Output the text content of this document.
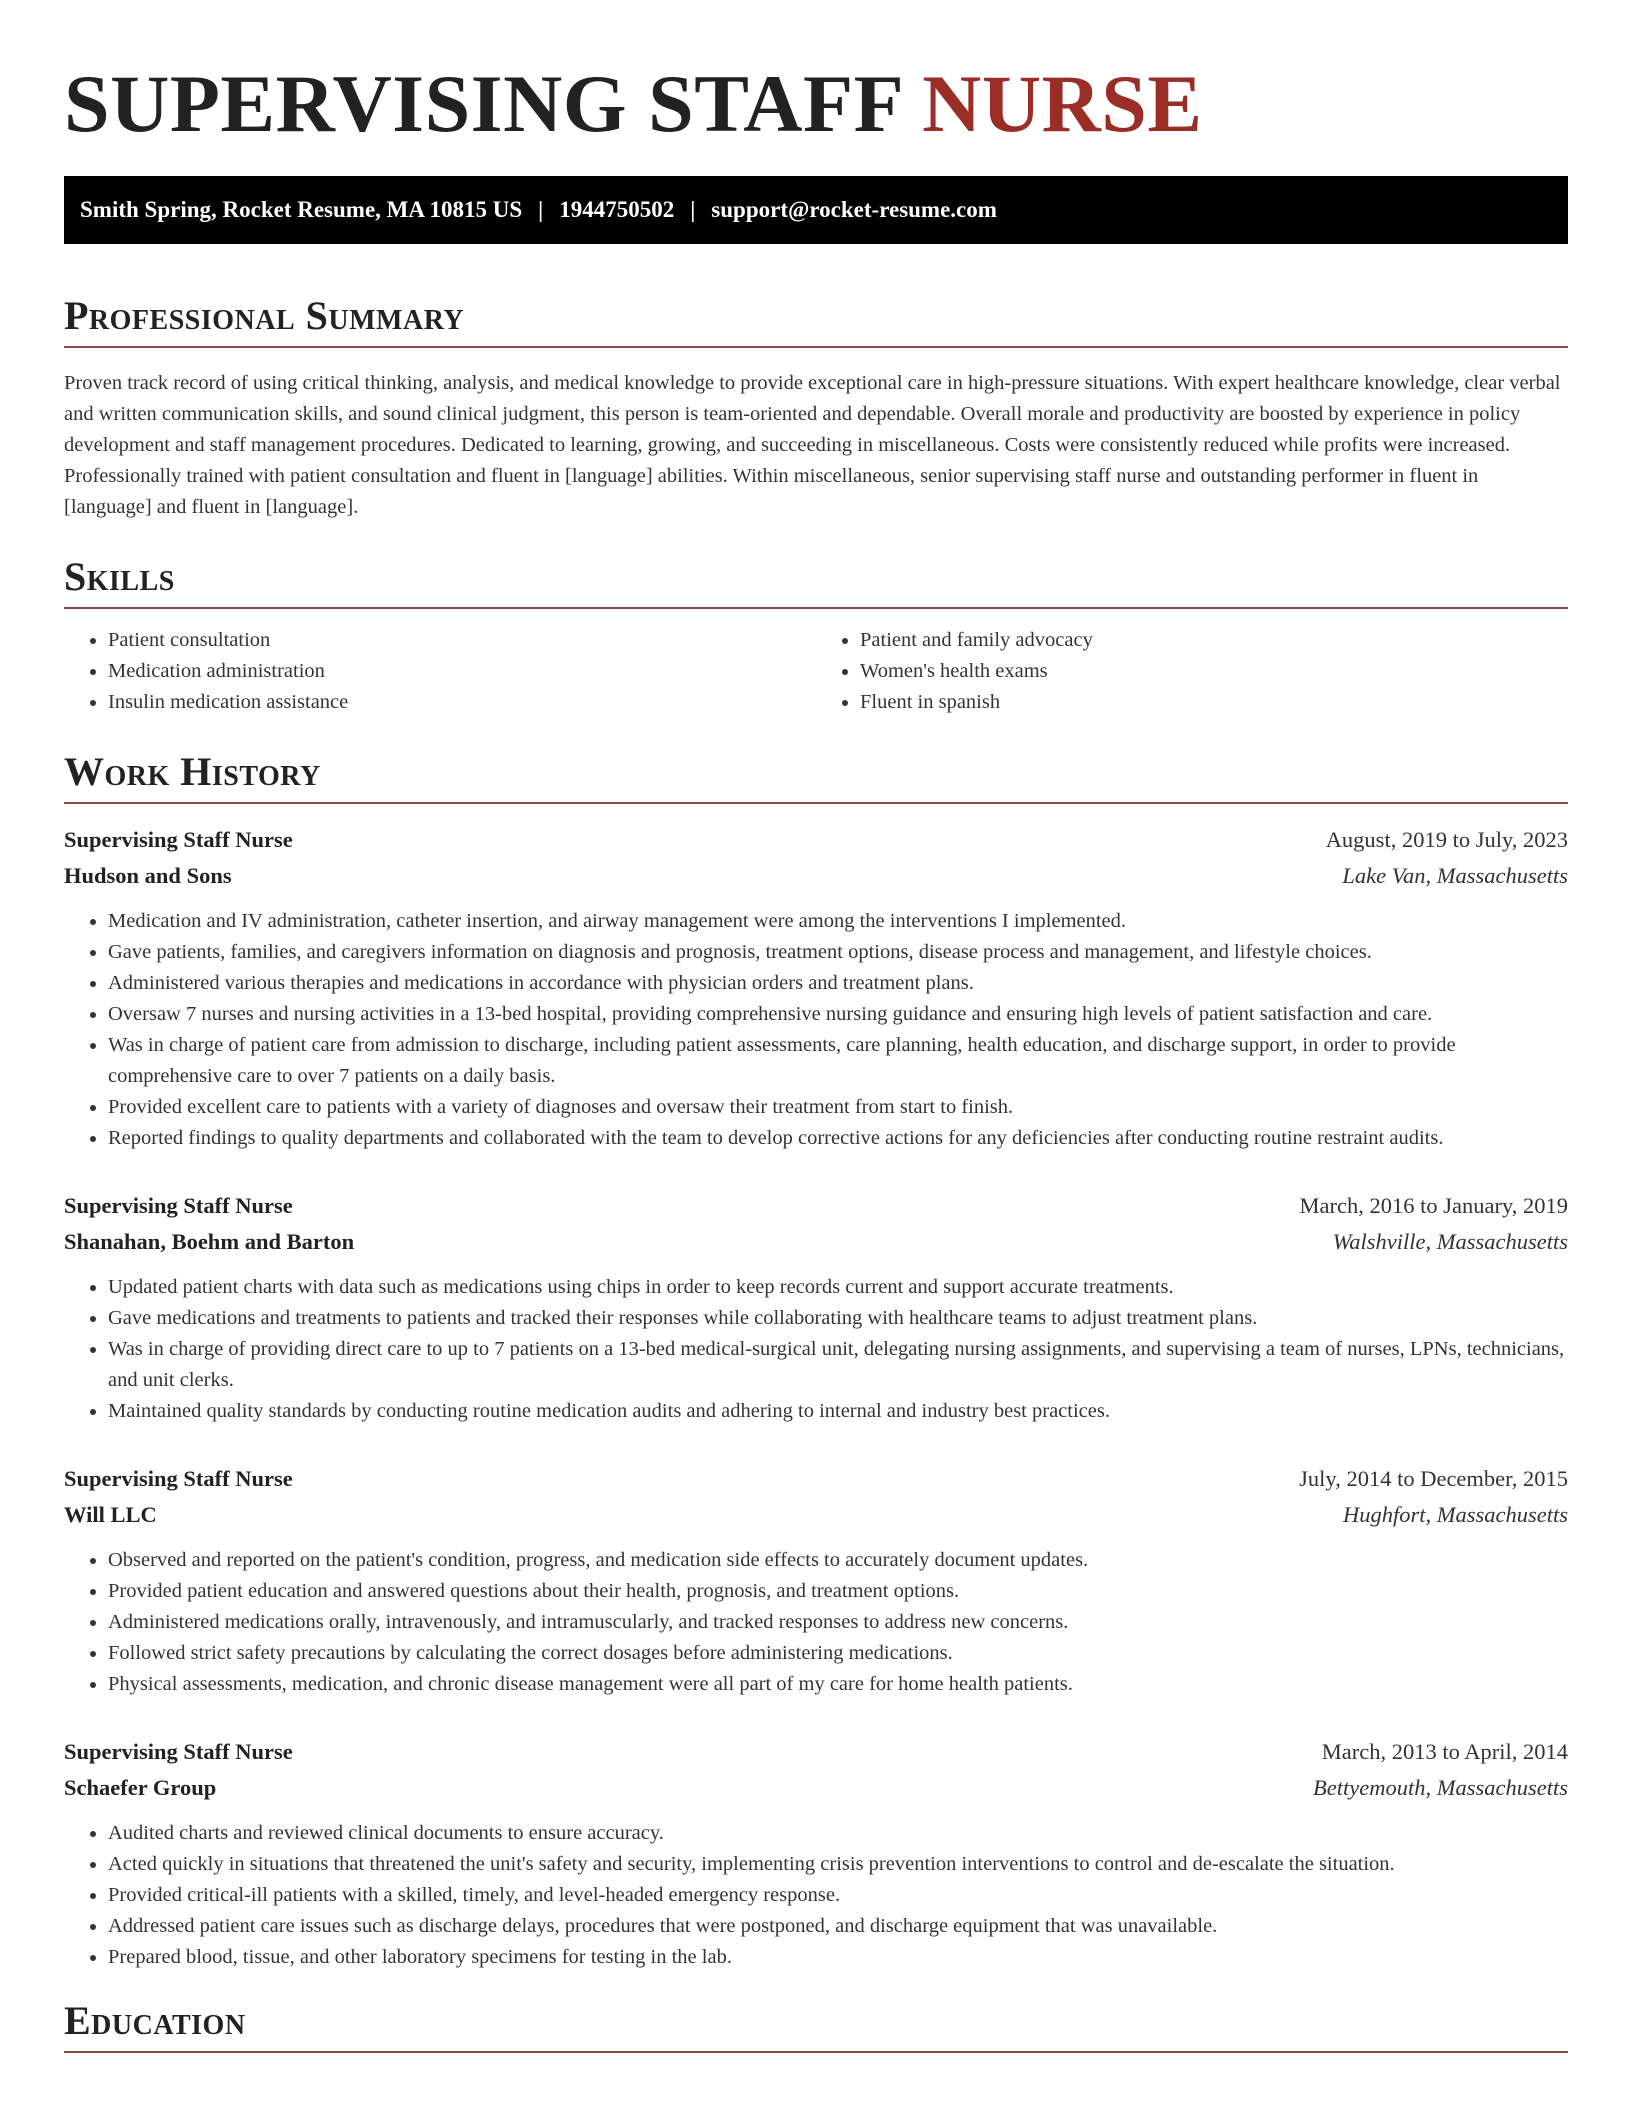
SUPERVISING STAFF NURSE
Smith Spring, Rocket Resume, MA 10815 US | 1944750502 | support@rocket-resume.com
Professional Summary

Proven track record of using critical thinking, analysis, and medical knowledge to provide exceptional care in high-pressure situations. With expert healthcare knowledge, clear verbal and written communication skills, and sound clinical judgment, this person is team-oriented and dependable. Overall morale and productivity are boosted by experience in policy development and staff management procedures. Dedicated to learning, growing, and succeeding in miscellaneous. Costs were consistently reduced while profits were increased. Professionally trained with patient consultation and fluent in [language] abilities. Within miscellaneous, senior supervising staff nurse and outstanding performer in fluent in [language] and fluent in [language].

Skills
• Patient consultation
• Medication administration
• Insulin medication assistance
• Patient and family advocacy
• Women's health exams
• Fluent in spanish
Work History
Supervising Staff Nurse	August, 2019 to July, 2023
Hudson and Sons	Lake Van, Massachusetts
• Medication and IV administration, catheter insertion, and airway management were among the interventions I implemented.
• Gave patients, families, and caregivers information on diagnosis and prognosis, treatment options, disease process and management, and lifestyle choices.
• Administered various therapies and medications in accordance with physician orders and treatment plans.
• Oversaw 7 nurses and nursing activities in a 13-bed hospital, providing comprehensive nursing guidance and ensuring high levels of patient satisfaction and care.
• Was in charge of patient care from admission to discharge, including patient assessments, care planning, health education, and discharge support, in order to provide comprehensive care to over 7 patients on a daily basis.
• Provided excellent care to patients with a variety of diagnoses and oversaw their treatment from start to finish.
• Reported findings to quality departments and collaborated with the team to develop corrective actions for any deficiencies after conducting routine restraint audits.
Supervising Staff Nurse	March, 2016 to January, 2019
Shanahan, Boehm and Barton	Walshville, Massachusetts
• Updated patient charts with data such as medications using chips in order to keep records current and support accurate treatments.
• Gave medications and treatments to patients and tracked their responses while collaborating with healthcare teams to adjust treatment plans.
• Was in charge of providing direct care to up to 7 patients on a 13-bed medical-surgical unit, delegating nursing assignments, and supervising a team of nurses, LPNs, technicians, and unit clerks.
• Maintained quality standards by conducting routine medication audits and adhering to internal and industry best practices.
Supervising Staff Nurse	July, 2014 to December, 2015
Will LLC	Hughfort, Massachusetts
• Observed and reported on the patient's condition, progress, and medication side effects to accurately document updates.
• Provided patient education and answered questions about their health, prognosis, and treatment options.
• Administered medications orally, intravenously, and intramuscularly, and tracked responses to address new concerns.
• Followed strict safety precautions by calculating the correct dosages before administering medications.
• Physical assessments, medication, and chronic disease management were all part of my care for home health patients.
Supervising Staff Nurse	March, 2013 to April, 2014
Schaefer Group	Bettyemouth, Massachusetts
• Audited charts and reviewed clinical documents to ensure accuracy.
• Acted quickly in situations that threatened the unit's safety and security, implementing crisis prevention interventions to control and de-escalate the situation.
• Provided critical-ill patients with a skilled, timely, and level-headed emergency response.
• Addressed patient care issues such as discharge delays, procedures that were postponed, and discharge equipment that was unavailable.
• Prepared blood, tissue, and other laboratory specimens for testing in the lab.
Education
